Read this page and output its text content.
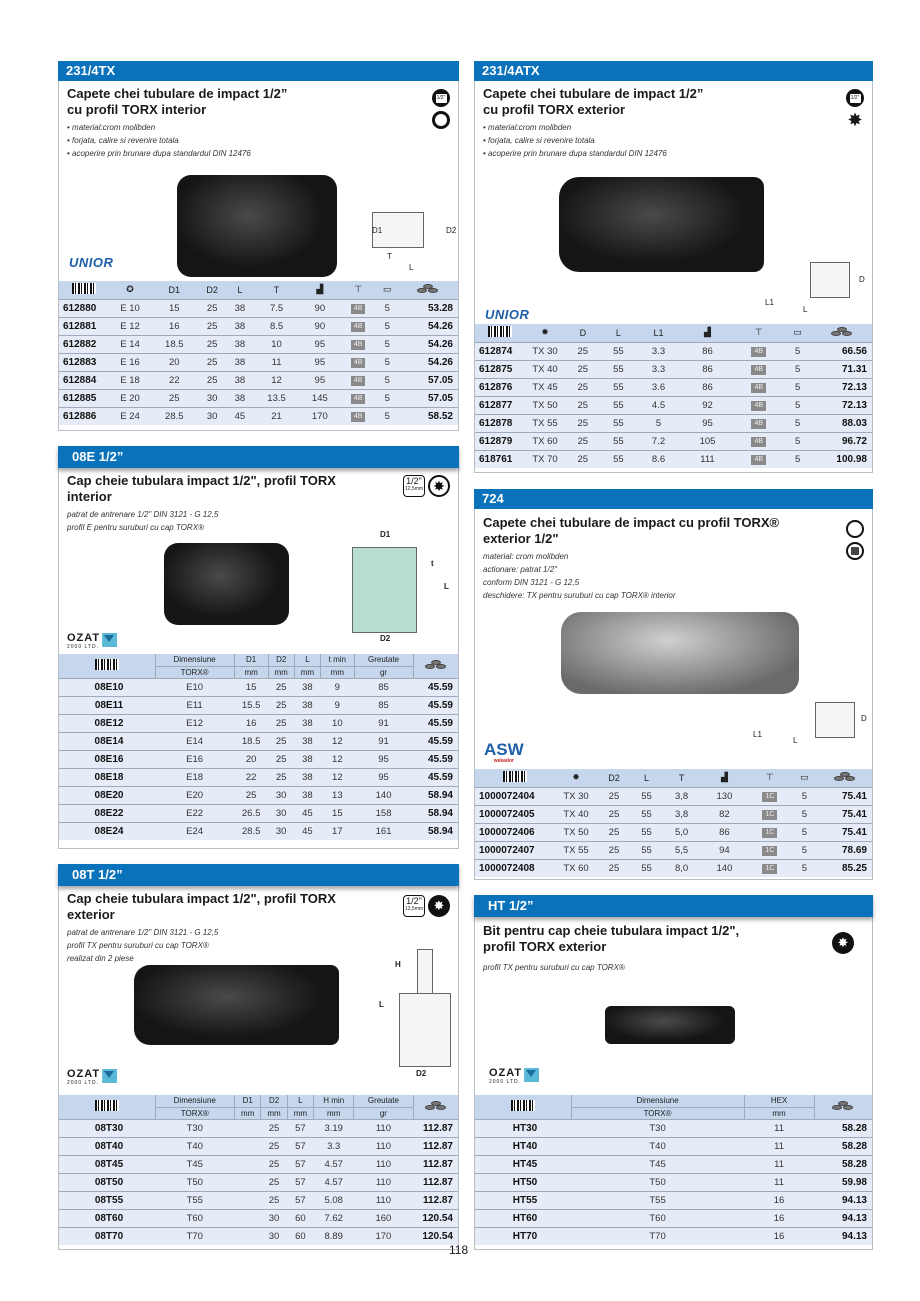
231/4TX
Capete chei tubulare de impact 1/2”
cu profil TORX interior
1/2"
• material:crom molibden
• forjata, calire si revenire totala
• acoperire prin brunare dupa standardul DIN 12476
D1	D2
T
L
UNIOR
	✪	D1	D2	L	T	▟	⊤	▭	

612880	E 10	15	25	38	7.5	90	4B	5	53.28
612881	E 12	16	25	38	8.5	90	4B	5	54.26
612882	E 14	18.5	25	38	10	95	4B	5	54.26
612883	E 16	20	25	38	11	95	4B	5	54.26
612884	E 18	22	25	38	12	95	4B	5	57.05
612885	E 20	25	30	38	13.5	145	4B	5	57.05
612886	E 24	28.5	30	45	21	170	4B	5	58.52
231/4ATX
Capete chei tubulare de impact 1/2”
cu profil TORX exterior
1/2"
✸
• material:crom molibden
• forjata, calire si revenire totala
• acoperire prin brunare dupa standardul DIN 12476
D
L1
L
UNIOR
	✸	D	L	L1	▟	⊤	▭	

612874	TX 30	25	55	3.3	86	4B	5	66.56
612875	TX 40	25	55	3.3	86	4B	5	71.31
612876	TX 45	25	55	3.6	86	4B	5	72.13
612877	TX 50	25	55	4.5	92	4B	5	72.13
612878	TX 55	25	55	5	95	4B	5	88.03
612879	TX 60	25	55	7.2	105	4B	5	96.72
618761	TX 70	25	55	8.6	111	4B	5	100.98
08E 1/2”
Cap cheie tubulara impact 1/2", profil TORX
interior
1/2"
12,5mm ✸
patrat de antrenare 1/2" DIN 3121 - G 12,5
profil E pentru suruburi cu cap TORX®
D1
D2
t
L
OZAT
2000 LTD.
	Dimensiune	D1	D2	L	t min	Greutate	

	TORX®	mm	mm	mm	mm	gr	
08E10	E10	15	25	38	9	85	45.59
08E11	E11	15.5	25	38	9	85	45.59
08E12	E12	16	25	38	10	91	45.59
08E14	E14	18.5	25	38	12	91	45.59
08E16	E16	20	25	38	12	95	45.59
08E18	E18	22	25	38	12	95	45.59
08E20	E20	25	30	38	13	140	58.94
08E22	E22	26.5	30	45	15	158	58.94
08E24	E24	28.5	30	45	17	161	58.94
724
Capete chei tubulare de impact cu profil TORX®
exterior 1/2"
material: crom molibden
actionare: patrat 1/2"
conform DIN 3121 - G 12,5
deschidere: TX pentru suruburi cu cap TORX® interior
D
L1
L
ASW
wekador
	✸	D2	L	T	▟	⊤	▭	

1000072404	TX 30	25	55	3,8	130	1C	5	75.41
1000072405	TX 40	25	55	3,8	82	1C	5	75.41
1000072406	TX 50	25	55	5,0	86	1C	5	75.41
1000072407	TX 55	25	55	5,5	94	1C	5	78.69
1000072408	TX 60	25	55	8,0	140	1C	5	85.25
08T 1/2”
Cap cheie tubulara impact 1/2", profil TORX
exterior
1/2"
12,5mm ✸
patrat de antrenare 1/2" DIN 3121 - G 12,5
profil TX pentru suruburi cu cap TORX®
realizat din 2 piese
H
L
D2
OZAT
2000 LTD.
	Dimensiune	D1	D2	L	H min	Greutate	

	TORX®	mm	mm	mm	mm	gr	
08T30	T30		25	57	3.19	110	112.87
08T40	T40		25	57	3.3	110	112.87
08T45	T45		25	57	4.57	110	112.87
08T50	T50		25	57	4.57	110	112.87
08T55	T55		25	57	5.08	110	112.87
08T60	T60		30	60	7.62	160	120.54
08T70	T70		30	60	8.89	170	120.54
HT 1/2”
Bit pentru cap cheie tubulara impact 1/2",
profil TORX exterior	✸
profil TX pentru suruburi cu cap TORX®
OZAT
2000 LTD.
	Dimensiune	HEX	

	TORX®	mm	
HT30	T30	11	58.28
HT40	T40	11	58.28
HT45	T45	11	58.28
HT50	T50	11	59.98
HT55	T55	16	94.13
HT60	T60	16	94.13
HT70	T70	16	94.13
118
